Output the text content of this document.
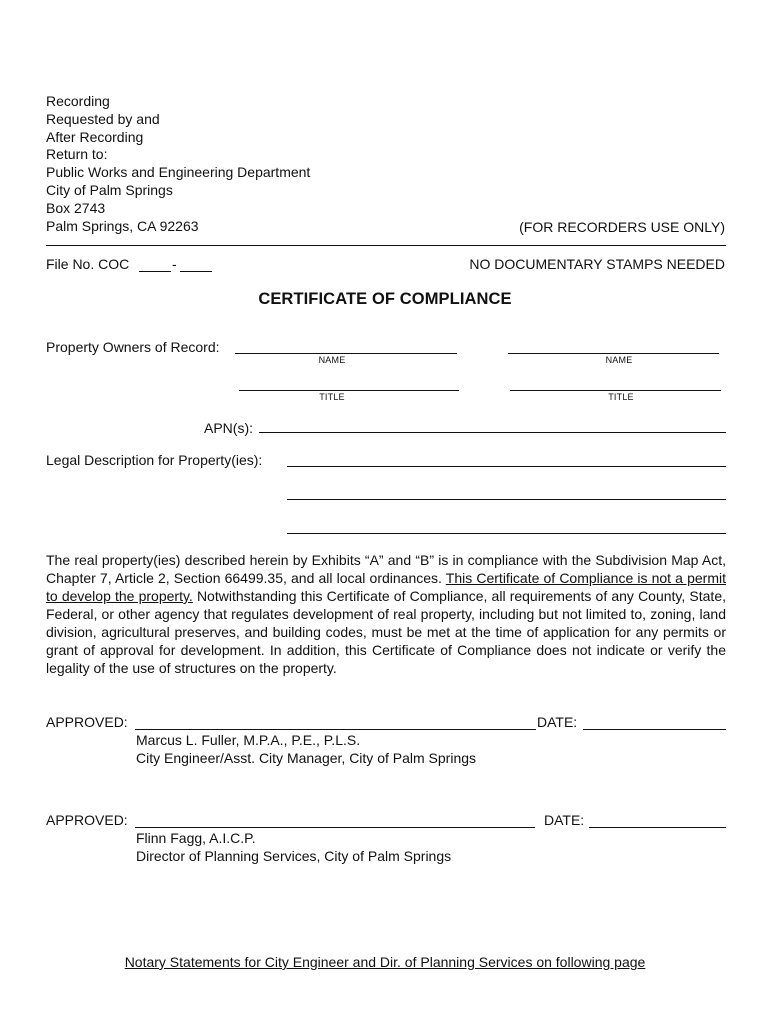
Recording
Requested by and
After Recording
Return to:
Public Works and Engineering Department
City of Palm Springs
Box 2743
Palm Springs, CA 92263	(FOR RECORDERS USE ONLY)
File No. COC	-	NO DOCUMENTARY STAMPS NEEDED
CERTIFICATE OF COMPLIANCE
Property Owners of Record:
NAME	NAME
TITLE	TITLE
APN(s):
Legal Description for Property(ies):
The real property(ies) described herein by Exhibits “A” and “B” is in compliance with the Subdivision Map Act, Chapter 7, Article 2, Section 66499.35, and all local ordinances. This Certificate of Compliance is not a permit to develop the property. Notwithstanding this Certificate of Compliance, all requirements of any County, State, Federal, or other agency that regulates development of real property, including but not limited to, zoning, land division, agricultural preserves, and building codes, must be met at the time of application for any permits or grant of approval for development. In addition, this Certificate of Compliance does not indicate or verify the legality of the use of structures on the property.
APPROVED:	DATE:
Marcus L. Fuller, M.P.A., P.E., P.L.S.
City Engineer/Asst. City Manager, City of Palm Springs
APPROVED:	DATE:
Flinn Fagg, A.I.C.P.
Director of Planning Services, City of Palm Springs
Notary Statements for City Engineer and Dir. of Planning Services on following page
